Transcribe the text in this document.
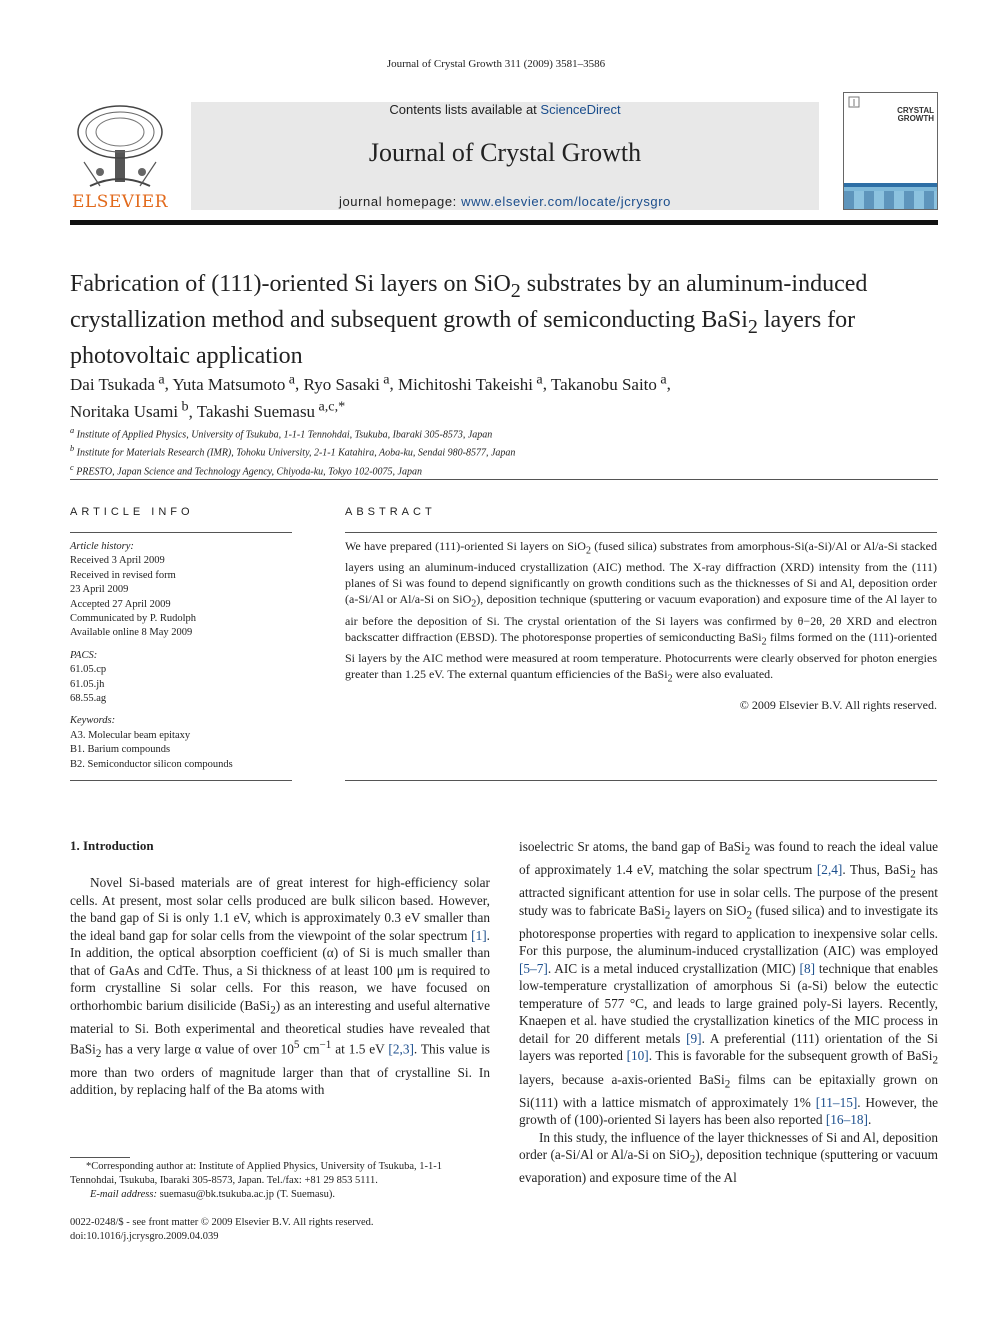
Journal of Crystal Growth 311 (2009) 3581–3586
ELSEVIER
Contents lists available at ScienceDirect
Journal of Crystal Growth
journal homepage: www.elsevier.com/locate/jcrysgro
CRYSTAL
GROWTH
Fabrication of (111)-oriented Si layers on SiO$_2$ substrates by an aluminum-induced crystallization method and subsequent growth of semiconducting BaSi$_2$ layers for photovoltaic application
Dai Tsukada  $^a$, Yuta Matsumoto  $^a$, Ryo Sasaki  $^a$, Michitoshi Takeishi  $^a$, Takanobu Saito  $^a$,
Noritaka Usami  $^b$, Takashi Suemasu  $^{a,c,*}$
$^a$ Institute of Applied Physics, University of Tsukuba, 1-1-1 Tennohdai, Tsukuba, Ibaraki 305-8573, Japan
$^b$ Institute for Materials Research (IMR), Tohoku University, 2-1-1 Katahira, Aoba-ku, Sendai 980-8577, Japan
$^c$ PRESTO, Japan Science and Technology Agency, Chiyoda-ku, Tokyo 102-0075, Japan
ARTICLE INFO	ABSTRACT
Article history:
Received 3 April 2009
Received in revised form
23 April 2009
Accepted 27 April 2009
Communicated by P. Rudolph
Available online 8 May 2009
PACS:
61.05.cp
61.05.jh
68.55.ag
Keywords:
A3. Molecular beam epitaxy
B1. Barium compounds
B2. Semiconductor silicon compounds
We have prepared (111)-oriented Si layers on SiO$_2$ (fused silica) substrates from amorphous-Si(a-Si)/Al or Al/a-Si stacked layers using an aluminum-induced crystallization (AIC) method. The X-ray diffraction (XRD) intensity from the (111) planes of Si was found to depend significantly on growth conditions such as the thicknesses of Si and Al, deposition order (a-Si/Al or Al/a-Si on SiO$_2$), deposition technique (sputtering or vacuum evaporation) and exposure time of the Al layer to air before the deposition of Si. The crystal orientation of the Si layers was confirmed by θ−2θ, 2θ XRD and electron backscatter diffraction (EBSD). The photoresponse properties of semiconducting BaSi$_2$ films formed on the (111)-oriented Si layers by the AIC method were measured at room temperature. Photocurrents were clearly observed for photon energies greater than 1.25 eV. The external quantum efficiencies of the BaSi$_2$ were also evaluated.
© 2009 Elsevier B.V. All rights reserved.
1. Introduction

Novel Si-based materials are of great interest for high-efficiency solar cells. At present, most solar cells produced are bulk silicon based. However, the band gap of Si is only 1.1 eV, which is approximately 0.3 eV smaller than the ideal band gap for solar cells from the viewpoint of the solar spectrum [1]. In addition, the optical absorption coefficient (α) of Si is much smaller than that of GaAs and CdTe. Thus, a Si thickness of at least 100 μm is required to form crystalline Si solar cells. For this reason, we have focused on orthorhombic barium disilicide (BaSi$_2$) as an interesting and useful alternative material to Si. Both experimental and theoretical studies have revealed that BaSi$_2$ has a very large α value of over $10^5$ $cm^{-1}$ at 1.5 eV [2,3]. This value is more than two orders of magnitude larger than that of crystalline Si. In addition, by replacing half of the Ba atoms with

isoelectric Sr atoms, the band gap of BaSi$_2$ was found to reach the ideal value of approximately 1.4 eV, matching the solar spectrum [2,4]. Thus, BaSi$_2$ has attracted significant attention for use in solar cells. The purpose of the present study was to fabricate BaSi$_2$ layers on SiO$_2$ (fused silica) and to investigate its photoresponse properties with regard to application to inexpensive solar cells. For this purpose, the aluminum-induced crystallization (AIC) was employed [5–7]. AIC is a metal induced crystallization (MIC) [8] technique that enables low-temperature crystallization of amorphous Si (a-Si) below the eutectic temperature of 577 °C, and leads to large grained poly-Si layers. Recently, Knaepen et al. have studied the crystallization kinetics of the MIC process in detail for 20 different metals [9]. A preferential (111) orientation of the Si layers was reported [10]. This is favorable for the subsequent growth of BaSi$_2$ layers, because a-axis-oriented BaSi$_2$ films can be epitaxially grown on Si(111) with a lattice mismatch of approximately 1% [11–15]. However, the growth of (100)-oriented Si layers has been also reported [16–18].

In this study, the influence of the layer thicknesses of Si and Al, deposition order (a-Si/Al or Al/a-Si on SiO$_2$), deposition technique (sputtering or vacuum evaporation) and exposure time of the Al

*Corresponding author at: Institute of Applied Physics, University of Tsukuba, 1-1-1 Tennohdai, Tsukuba, Ibaraki 305-8573, Japan. Tel./fax: +81 29 853 5111.
E-mail address: suemasu@bk.tsukuba.ac.jp (T. Suemasu).
0022-0248/$ - see front matter © 2009 Elsevier B.V. All rights reserved.
doi:10.1016/j.jcrysgro.2009.04.039
